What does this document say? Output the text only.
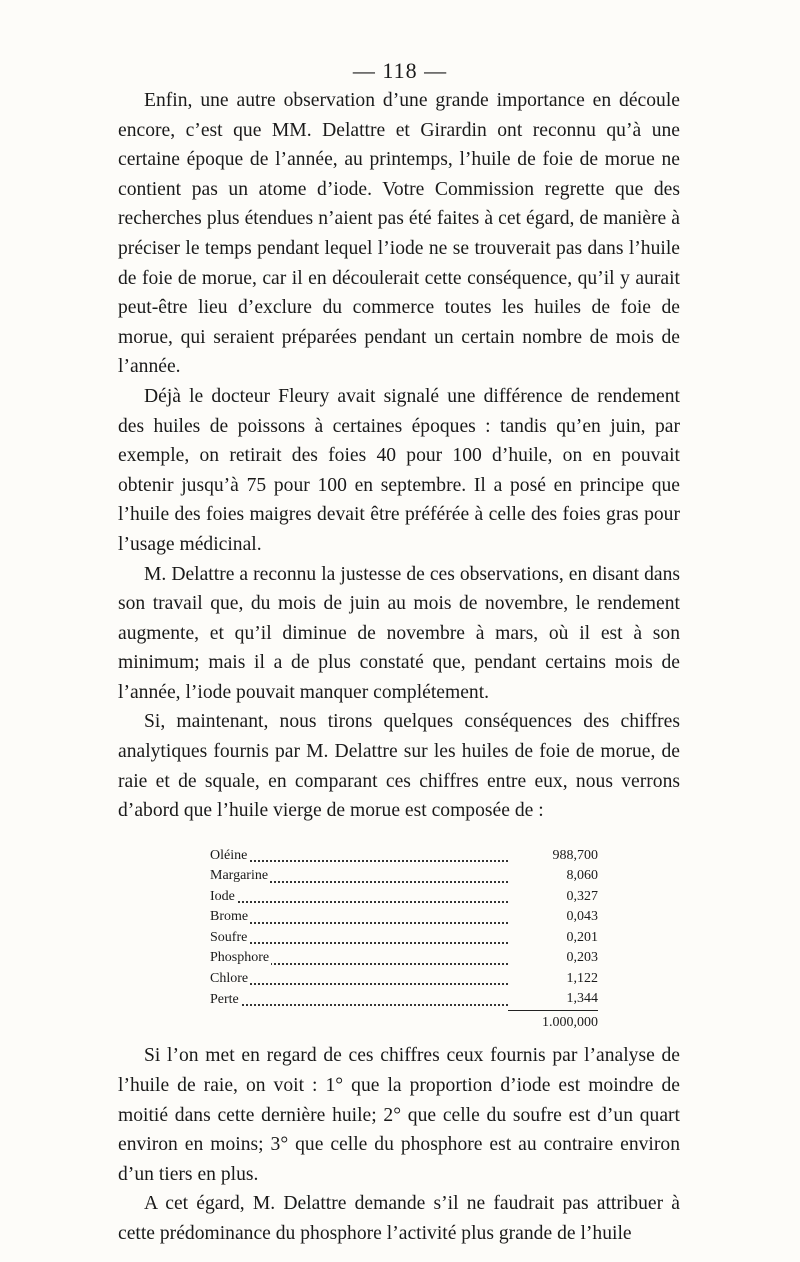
— 118 —

Enfin, une autre observation d’une grande importance en découle encore, c’est que MM. Delattre et Girardin ont reconnu qu’à une certaine époque de l’année, au printemps, l’huile de foie de morue ne contient pas un atome d’iode. Votre Commission regrette que des recherches plus étendues n’aient pas été faites à cet égard, de manière à préciser le temps pendant lequel l’iode ne se trouverait pas dans l’huile de foie de morue, car il en découlerait cette conséquence, qu’il y aurait peut-être lieu d’exclure du commerce toutes les huiles de foie de morue, qui seraient préparées pendant un certain nombre de mois de l’année.

Déjà le docteur Fleury avait signalé une différence de rendement des huiles de poissons à certaines époques : tandis qu’en juin, par exemple, on retirait des foies 40 pour 100 d’huile, on en pouvait obtenir jusqu’à 75 pour 100 en septembre. Il a posé en principe que l’huile des foies maigres devait être préférée à celle des foies gras pour l’usage médicinal.

M. Delattre a reconnu la justesse de ces observations, en disant dans son travail que, du mois de juin au mois de novembre, le rendement augmente, et qu’il diminue de novembre à mars, où il est à son minimum; mais il a de plus constaté que, pendant certains mois de l’année, l’iode pouvait manquer complétement.

Si, maintenant, nous tirons quelques conséquences des chiffres analytiques fournis par M. Delattre sur les huiles de foie de morue, de raie et de squale, en comparant ces chiffres entre eux, nous verrons d’abord que l’huile vierge de morue est composée de :

Oléine	988,700

Margarine	8,060

Iode	0,327

Brome	0,043

Soufre	0,201

Phosphore	0,203

Chlore	1,122

Perte	1,344
	1.000,000

Si l’on met en regard de ces chiffres ceux fournis par l’analyse de l’huile de raie, on voit : 1° que la proportion d’iode est moindre de moitié dans cette dernière huile; 2° que celle du soufre est d’un quart environ en moins; 3° que celle du phosphore est au contraire environ d’un tiers en plus.

A cet égard, M. Delattre demande s’il ne faudrait pas attribuer à cette prédominance du phosphore l’activité plus grande de l’huile
